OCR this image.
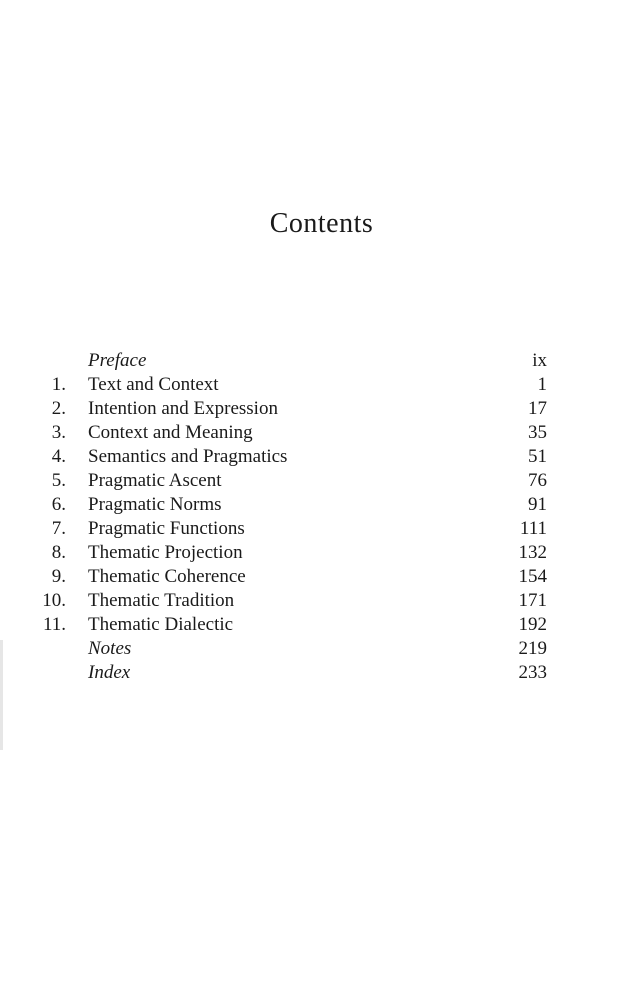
Contents
Preface	ix
1. Text and Context	1
2. Intention and Expression	17
3. Context and Meaning	35
4. Semantics and Pragmatics	51
5. Pragmatic Ascent	76
6. Pragmatic Norms	91
7. Pragmatic Functions	111
8. Thematic Projection	132
9. Thematic Coherence	154
10. Thematic Tradition	171
11. Thematic Dialectic	192
Notes	219
Index	233
